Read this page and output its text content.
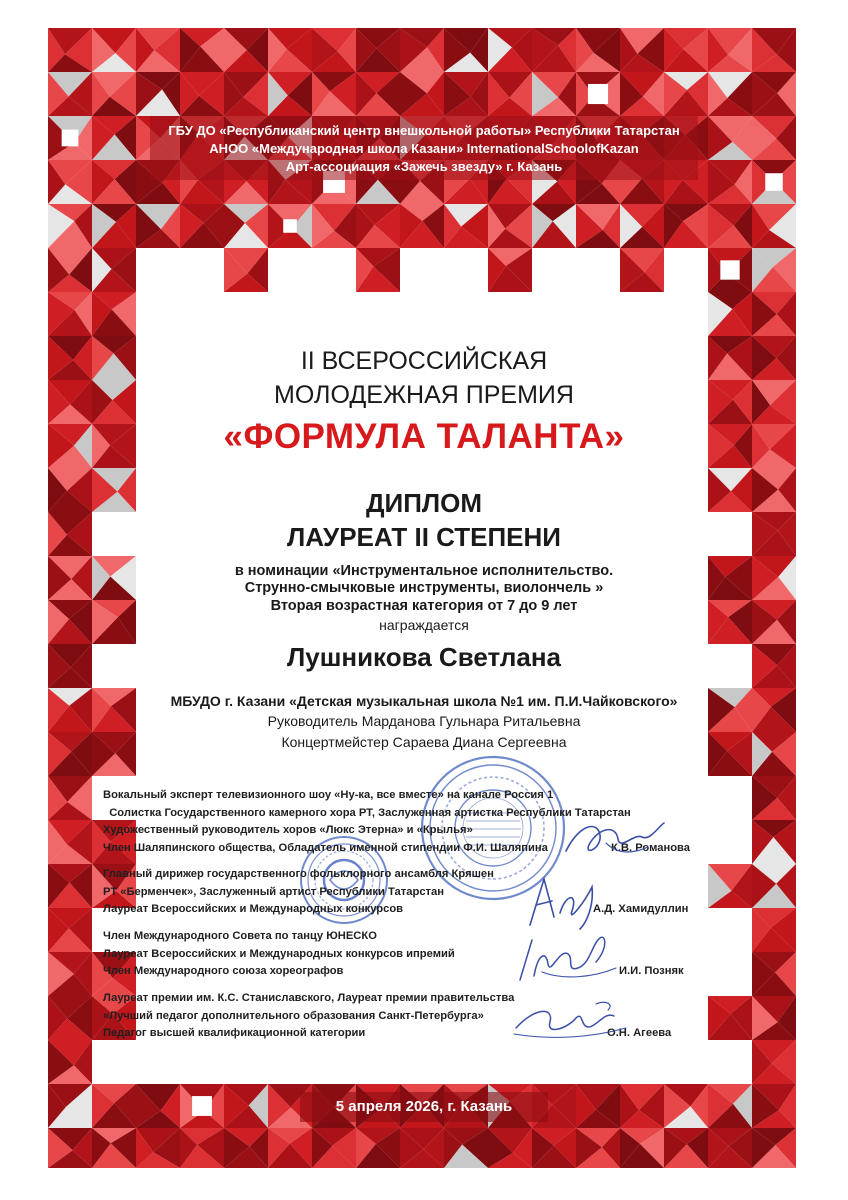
ГБУ ДО «Республиканский центр внешкольной работы» Республики Татарстан
АНОО «Международная школа Казани» InternationalSchoolofKazan
Арт-ассоциация «Зажечь звезду» г. Казань
II ВСЕРОССИЙСКАЯ
МОЛОДЕЖНАЯ ПРЕМИЯ
«ФОРМУЛА ТАЛАНТА»
ДИПЛОМ
ЛАУРЕАТ II СТЕПЕНИ
в номинации «Инструментальное исполнительство.
Струнно-смычковые инструменты, виолончель »
Вторая возрастная категория от 7 до 9 лет
награждается
Лушникова Светлана
МБУДО г. Казани «Детская музыкальная школа №1 им. П.И.Чайковского»
Руководитель Марданова Гульнара Ритальевна
Концертмейстер Сараева Диана Сергеевна
Вокальный эксперт телевизионного шоу «Ну-ка, все вместе» на канале Россия 1
Солистка Государственного камерного хора РТ, Заслуженная артистка Республики Татарстан
Художественный руководитель хоров «Люкс Этерна» и «Крылья»
Член Шаляпинского общества, Обладатель именной стипендии Ф.И. Шаляпина	К.В. Романова
Главный дирижер государственного фольклорного ансамбля Кряшен
РТ «Берменчек», Заслуженный артист Республики Татарстан
Лауреат Всероссийских и Международных конкурсов	А.Д. Хамидуллин
Член Международного Совета по танцу ЮНЕСКО
Лауреат Всероссийских и Международных конкурсов ипремий
Член Международного союза хореографов	И.И. Позняк
Лауреат премии им. К.С. Станиславского, Лауреат премии правительства
«Лучший педагог дополнительного образования Санкт-Петербурга»
Педагог высшей квалификационной категории	О.Н. Агеева
5 апреля 2026, г. Казань
